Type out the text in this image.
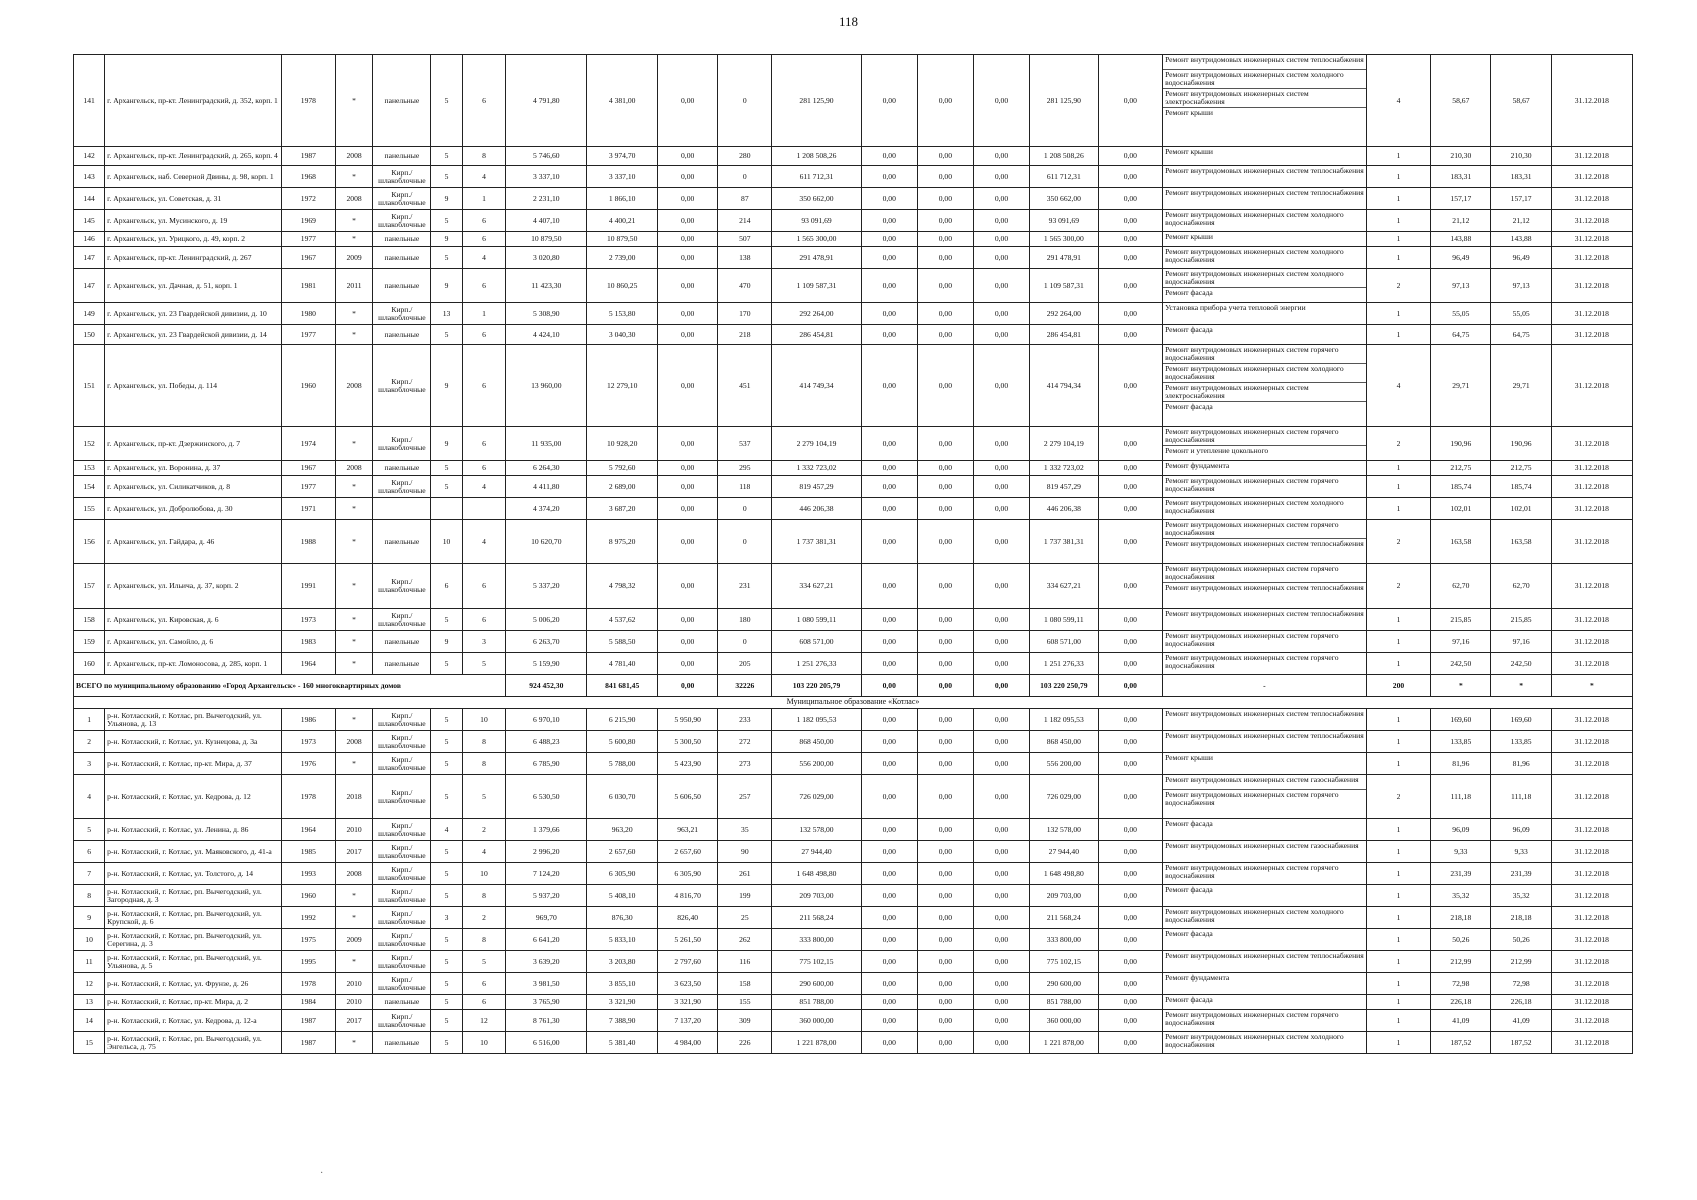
118
141	г. Архангельск, пр-кт. Ленинградский, д. 352, корп. 1	1978	*	панельные	5	6	4 791,80	4 381,00	0,00	0	281 125,90	0,00	0,00	0,00	281 125,90	0,00	Ремонт внутридомовых инженерных систем теплоснабжения
Ремонт внутридомовых инженерных систем холодного водоснабжения
Ремонт внутридомовых инженерных систем электроснабжения
Ремонт крыши	4	58,67	58,67	31.12.2018
142	г. Архангельск, пр-кт. Ленинградский, д. 265, корп. 4	1987	2008	панельные	5	8	5 746,60	3 974,70	0,00	280	1 208 508,26	0,00	0,00	0,00	1 208 508,26	0,00	Ремонт крыши	1	210,30	210,30	31.12.2018
143	г. Архангельск, наб. Северной Двины, д. 98, корп. 1	1968	*	Кирп./шлакоблочные	5	4	3 337,10	3 337,10	0,00	0	611 712,31	0,00	0,00	0,00	611 712,31	0,00	Ремонт внутридомовых инженерных систем теплоснабжения	1	183,31	183,31	31.12.2018
144	г. Архангельск, ул. Советская, д. 31	1972	2008	Кирп./шлакоблочные	9	1	2 231,10	1 866,10	0,00	87	350 662,00	0,00	0,00	0,00	350 662,00	0,00	Ремонт внутридомовых инженерных систем теплоснабжения	1	157,17	157,17	31.12.2018
145	г. Архангельск, ул. Мусинского, д. 19	1969	*	Кирп./шлакоблочные	5	6	4 407,10	4 400,21	0,00	214	93 091,69	0,00	0,00	0,00	93 091,69	0,00	Ремонт внутридомовых инженерных систем холодного водоснабжения	1	21,12	21,12	31.12.2018
146	г. Архангельск, ул. Урицкого, д. 49, корп. 2	1977	*	панельные	9	6	10 879,50	10 879,50	0,00	507	1 565 300,00	0,00	0,00	0,00	1 565 300,00	0,00	Ремонт крыши	1	143,88	143,88	31.12.2018
147	г. Архангельск, пр-кт. Ленинградский, д. 267	1967	2009	панельные	5	4	3 020,80	2 739,00	0,00	138	291 478,91	0,00	0,00	0,00	291 478,91	0,00	Ремонт внутридомовых инженерных систем холодного водоснабжения	1	96,49	96,49	31.12.2018
147	г. Архангельск, ул. Дачная, д. 51, корп. 1	1981	2011	панельные	9	6	11 423,30	10 860,25	0,00	470	1 109 587,31	0,00	0,00	0,00	1 109 587,31	0,00	Ремонт внутридомовых инженерных систем холодного водоснабжения
Ремонт фасада	2	97,13	97,13	31.12.2018
149	г. Архангельск, ул. 23 Гвардейской дивизии, д. 10	1980	*	Кирп./шлакоблочные	13	1	5 308,90	5 153,80	0,00	170	292 264,00	0,00	0,00	0,00	292 264,00	0,00	Установка прибора учета тепловой энергии	1	55,05	55,05	31.12.2018
150	г. Архангельск, ул. 23 Гвардейской дивизии, д. 14	1977	*	панельные	5	6	4 424,10	3 040,30	0,00	218	286 454,81	0,00	0,00	0,00	286 454,81	0,00	Ремонт фасада	1	64,75	64,75	31.12.2018
151	г. Архангельск, ул. Победы, д. 114	1960	2008	Кирп./шлакоблочные	9	6	13 960,00	12 279,10	0,00	451	414 749,34	0,00	0,00	0,00	414 794,34	0,00	Ремонт внутридомовых инженерных систем горячего водоснабжения
Ремонт внутридомовых инженерных систем холодного водоснабжения
Ремонт внутридомовых инженерных систем электроснабжения
Ремонт фасада	4	29,71	29,71	31.12.2018
152	г. Архангельск, пр-кт. Дзержинского, д. 7	1974	*	Кирп./шлакоблочные	9	6	11 935,00	10 928,20	0,00	537	2 279 104,19	0,00	0,00	0,00	2 279 104,19	0,00	Ремонт внутридомовых инженерных систем горячего водоснабжения
Ремонт и утепление цокольного	2	190,96	190,96	31.12.2018
153	г. Архангельск, ул. Воронина, д. 37	1967	2008	панельные	5	6	6 264,30	5 792,60	0,00	295	1 332 723,02	0,00	0,00	0,00	1 332 723,02	0,00	Ремонт фундамента	1	212,75	212,75	31.12.2018
154	г. Архангельск, ул. Силикатчиков, д. 8	1977	*	Кирп./шлакоблочные	5	4	4 411,80	2 689,00	0,00	118	819 457,29	0,00	0,00	0,00	819 457,29	0,00	Ремонт внутридомовых инженерных систем горячего водоснабжения	1	185,74	185,74	31.12.2018
155	г. Архангельск, ул. Добролюбова, д. 30	1971	*				4 374,20	3 687,20	0,00	0	446 206,38	0,00	0,00	0,00	446 206,38	0,00	Ремонт внутридомовых инженерных систем холодного водоснабжения	1	102,01	102,01	31.12.2018
156	г. Архангельск, ул. Гайдара, д. 46	1988	*	панельные	10	4	10 620,70	8 975,20	0,00	0	1 737 381,31	0,00	0,00	0,00	1 737 381,31	0,00	Ремонт внутридомовых инженерных систем горячего водоснабжения
Ремонт внутридомовых инженерных систем теплоснабжения	2	163,58	163,58	31.12.2018
157	г. Архангельск, ул. Ильича, д. 37, корп. 2	1991	*	Кирп./шлакоблочные	6	6	5 337,20	4 798,32	0,00	231	334 627,21	0,00	0,00	0,00	334 627,21	0,00	Ремонт внутридомовых инженерных систем горячего водоснабжения
Ремонт внутридомовых инженерных систем теплоснабжения	2	62,70	62,70	31.12.2018
158	г. Архангельск, ул. Кировская, д. 6	1973	*	Кирп./шлакоблочные	5	6	5 006,20	4 537,62	0,00	180	1 080 599,11	0,00	0,00	0,00	1 080 599,11	0,00	Ремонт внутридомовых инженерных систем теплоснабжения	1	215,85	215,85	31.12.2018
159	г. Архангельск, ул. Самойло, д. 6	1983	*	панельные	9	3	6 263,70	5 588,50	0,00	0	608 571,00	0,00	0,00	0,00	608 571,00	0,00	Ремонт внутридомовых инженерных систем горячего водоснабжения	1	97,16	97,16	31.12.2018
160	г. Архангельск, пр-кт. Ломоносова, д. 285, корп. 1	1964	*	панельные	5	5	5 159,90	4 781,40	0,00	205	1 251 276,33	0,00	0,00	0,00	1 251 276,33	0,00	Ремонт внутридомовых инженерных систем горячего водоснабжения	1	242,50	242,50	31.12.2018
ВСЕГО по муниципальному образованию «Город Архангельск» - 160 многоквартирных домов							924 452,30	841 681,45	0,00	32226	103 220 205,79	0,00	0,00	0,00	103 220 250,79	0,00	-	200	*	*	*
Муниципальное образование «Котлас»																					
1	р-н. Котласский, г. Котлас, рп. Вычегодский, ул. Ульянова, д. 13	1986	*	Кирп./шлакоблочные	5	10	6 970,10	6 215,90	5 950,90	233	1 182 095,53	0,00	0,00	0,00	1 182 095,53	0,00	Ремонт внутридомовых инженерных систем теплоснабжения	1	169,60	169,60	31.12.2018
2	р-н. Котласский, г. Котлас, ул. Кузнецова, д. 3а	1973	2008	Кирп./шлакоблочные	5	8	6 488,23	5 600,80	5 300,50	272	868 450,00	0,00	0,00	0,00	868 450,00	0,00	Ремонт внутридомовых инженерных систем теплоснабжения	1	133,85	133,85	31.12.2018
3	р-н. Котласский, г. Котлас, пр-кт. Мира, д. 37	1976	*	Кирп./шлакоблочные	5	8	6 785,90	5 788,00	5 423,90	273	556 200,00	0,00	0,00	0,00	556 200,00	0,00	Ремонт крыши	1	81,96	81,96	31.12.2018
4	р-н. Котласский, г. Котлас, ул. Кедрова, д. 12	1978	2018	Кирп./шлакоблочные	5	5	6 530,50	6 030,70	5 606,50	257	726 029,00	0,00	0,00	0,00	726 029,00	0,00	Ремонт внутридомовых инженерных систем газоснабжения
Ремонт внутридомовых инженерных систем горячего водоснабжения	2	111,18	111,18	31.12.2018
5	р-н. Котласский, г. Котлас, ул. Ленина, д. 86	1964	2010	Кирп./шлакоблочные	4	2	1 379,66	963,20	963,21	35	132 578,00	0,00	0,00	0,00	132 578,00	0,00	Ремонт фасада	1	96,09	96,09	31.12.2018
6	р-н. Котласский, г. Котлас, ул. Маяковского, д. 41-а	1985	2017	Кирп./шлакоблочные	5	4	2 996,20	2 657,60	2 657,60	90	27 944,40	0,00	0,00	0,00	27 944,40	0,00	Ремонт внутридомовых инженерных систем газоснабжения	1	9,33	9,33	31.12.2018
7	р-н. Котласский, г. Котлас, ул. Толстого, д. 14	1993	2008	Кирп./шлакоблочные	5	10	7 124,20	6 305,90	6 305,90	261	1 648 498,80	0,00	0,00	0,00	1 648 498,80	0,00	Ремонт внутридомовых инженерных систем горячего водоснабжения	1	231,39	231,39	31.12.2018
8	р-н. Котласский, г. Котлас, рп. Вычегодский, ул. Загородная, д. 3	1960	*	Кирп./шлакоблочные	5	8	5 937,20	5 408,10	4 816,70	199	209 703,00	0,00	0,00	0,00	209 703,00	0,00	Ремонт фасада	1	35,32	35,32	31.12.2018
9	р-н. Котласский, г. Котлас, рп. Вычегодский, ул. Крупской, д. 6	1992	*	Кирп./шлакоблочные	3	2	969,70	876,30	826,40	25	211 568,24	0,00	0,00	0,00	211 568,24	0,00	Ремонт внутридомовых инженерных систем холодного водоснабжения	1	218,18	218,18	31.12.2018
10	р-н. Котласский, г. Котлас, рп. Вычегодский, ул. Серегина, д. 3	1975	2009	Кирп./шлакоблочные	5	8	6 641,20	5 833,10	5 261,50	262	333 800,00	0,00	0,00	0,00	333 800,00	0,00	Ремонт фасада	1	50,26	50,26	31.12.2018
11	р-н. Котласский, г. Котлас, рп. Вычегодский, ул. Ульянова, д. 5	1995	*	Кирп./шлакоблочные	5	5	3 639,20	3 203,80	2 797,60	116	775 102,15	0,00	0,00	0,00	775 102,15	0,00	Ремонт внутридомовых инженерных систем теплоснабжения	1	212,99	212,99	31.12.2018
12	р-н. Котласский, г. Котлас, ул. Фрунзе, д. 26	1978	2010	Кирп./шлакоблочные	5	6	3 981,50	3 855,10	3 623,50	158	290 600,00	0,00	0,00	0,00	290 600,00	0,00	Ремонт фундамента	1	72,98	72,98	31.12.2018
13	р-н. Котласский, г. Котлас, пр-кт. Мира, д. 2	1984	2010	панельные	5	6	3 765,90	3 321,90	3 321,90	155	851 788,00	0,00	0,00	0,00	851 788,00	0,00	Ремонт фасада	1	226,18	226,18	31.12.2018
14	р-н. Котласский, г. Котлас, ул. Кедрова, д. 12-а	1987	2017	Кирп./шлакоблочные	5	12	8 761,30	7 388,90	7 137,20	309	360 000,00	0,00	0,00	0,00	360 000,00	0,00	Ремонт внутридомовых инженерных систем горячего водоснабжения	1	41,09	41,09	31.12.2018
15	р-н. Котласский, г. Котлас, рп. Вычегодский, ул. Энгельса, д. 75	1987	*	панельные	5	10	6 516,00	5 381,40	4 984,00	226	1 221 878,00	0,00	0,00	0,00	1 221 878,00	0,00	Ремонт внутридомовых инженерных систем холодного водоснабжения	1	187,52	187,52	31.12.2018
·
